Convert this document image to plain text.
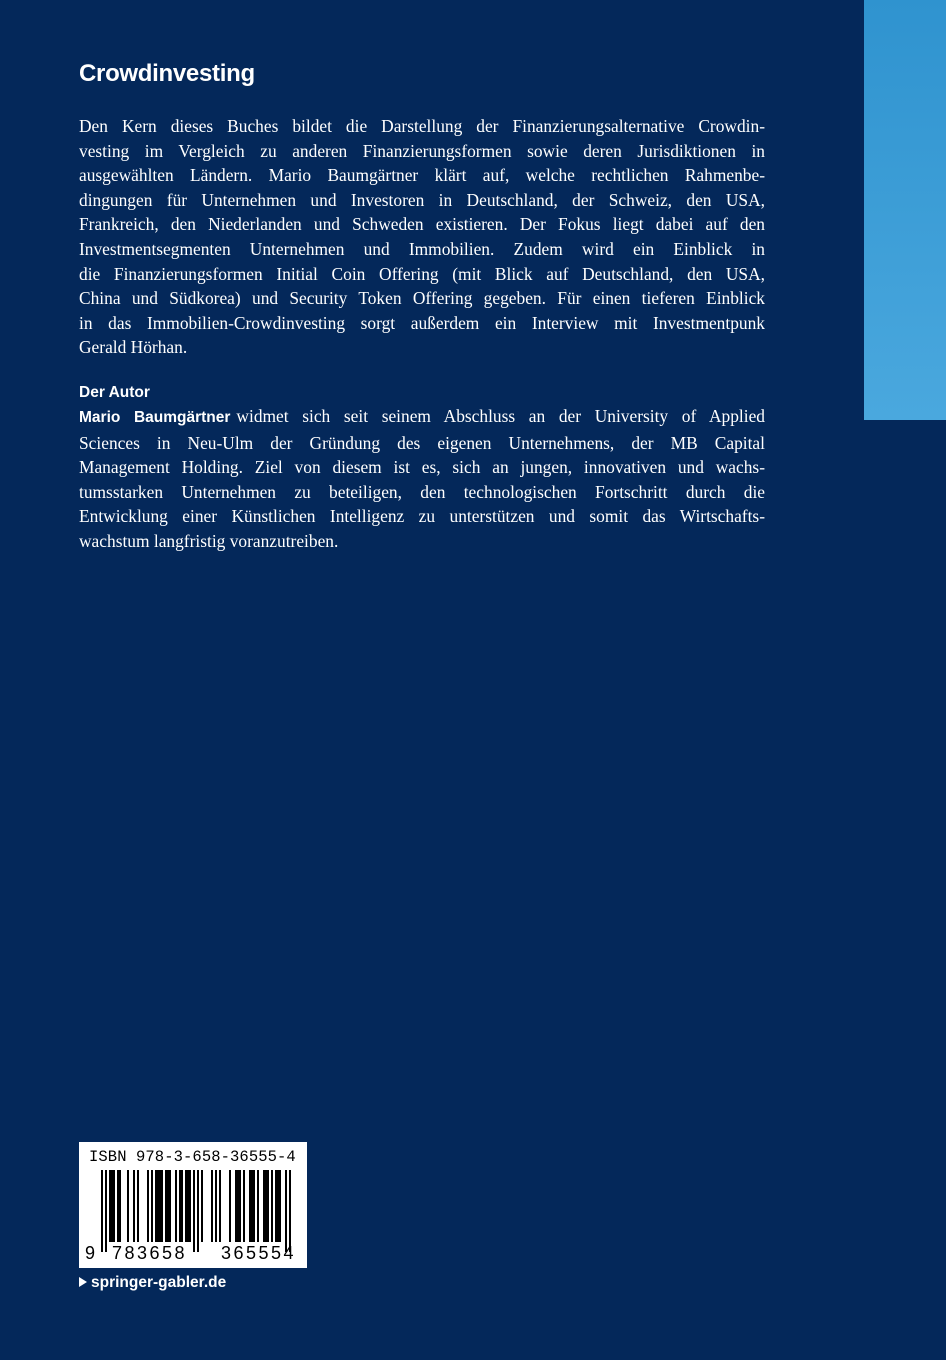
Crowdinvesting

Den Kern dieses Buches bildet die Darstellung der Finanzierungsalternative Crowdin-
vesting im Vergleich zu anderen Finanzierungsformen sowie deren Jurisdiktionen in
ausgewählten Ländern. Mario Baumgärtner klärt auf, welche rechtlichen Rahmenbe-
dingungen für Unternehmen und Investoren in Deutschland, der Schweiz, den USA,
Frankreich, den Niederlanden und Schweden existieren. Der Fokus liegt dabei auf den
Investmentsegmenten Unternehmen und Immobilien. Zudem wird ein Einblick in
die Finanzierungsformen Initial Coin Offering (mit Blick auf Deutschland, den USA,
China und Südkorea) und Security Token Offering gegeben. Für einen tieferen Einblick
in das Immobilien-Crowdinvesting sorgt außerdem ein Interview mit Investmentpunk
Gerald Hörhan.

Der Autor

Mario Baumgärtner widmet sich seit seinem Abschluss an der University of Applied
Sciences in Neu-Ulm der Gründung des eigenen Unternehmens, der MB Capital
Management Holding. Ziel von diesem ist es, sich an jungen, innovativen und wachs-
tumsstarken Unternehmen zu beteiligen, den technologischen Fortschritt durch die
Entwicklung einer Künstlichen Intelligenz zu unterstützen und somit das Wirtschafts-
wachstum langfristig voranzutreiben.

ISBN 978-3-658-36555-4
9 783658 365554
springer-gabler.de
